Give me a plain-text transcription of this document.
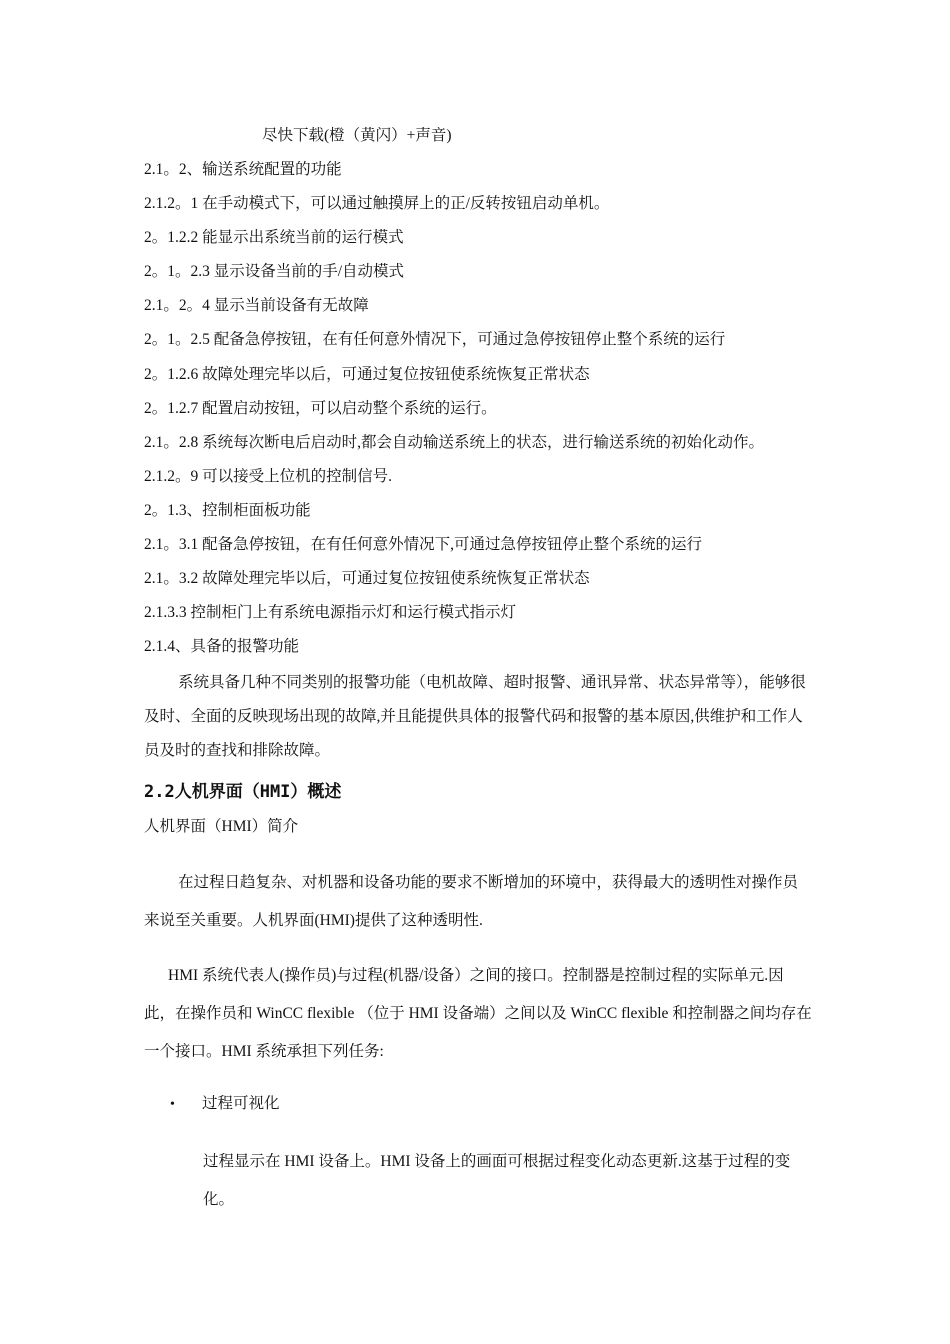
尽快下载(橙（黄闪）+声音)
2.1。2、输送系统配置的功能
2.1.2。1 在手动模式下，可以通过触摸屏上的正/反转按钮启动单机。
2。1.2.2 能显示出系统当前的运行模式
2。1。2.3 显示设备当前的手/自动模式
2.1。2。4 显示当前设备有无故障
2。1。2.5 配备急停按钮，在有任何意外情况下，可通过急停按钮停止整个系统的运行
2。1.2.6 故障处理完毕以后，可通过复位按钮使系统恢复正常状态
2。1.2.7 配置启动按钮，可以启动整个系统的运行。
2.1。2.8 系统每次断电后启动时,都会自动输送系统上的状态，进行输送系统的初始化动作。
2.1.2。9 可以接受上位机的控制信号.
2。1.3、控制柜面板功能
2.1。3.1 配备急停按钮，在有任何意外情况下,可通过急停按钮停止整个系统的运行
2.1。3.2 故障处理完毕以后，可通过复位按钮使系统恢复正常状态
2.1.3.3 控制柜门上有系统电源指示灯和运行模式指示灯
2.1.4、具备的报警功能
系统具备几种不同类别的报警功能（电机故障、超时报警、通讯异常、状态异常等），能够很及时、全面的反映现场出现的故障,并且能提供具体的报警代码和报警的基本原因,供维护和工作人员及时的查找和排除故障。
2.2人机界面（HMI）概述
人机界面（HMI）简介
在过程日趋复杂、对机器和设备功能的要求不断增加的环境中，获得最大的透明性对操作员来说至关重要。人机界面(HMI)提供了这种透明性.
HMI 系统代表人(操作员)与过程(机器/设备）之间的接口。控制器是控制过程的实际单元.因此，在操作员和 WinCC flexible （位于 HMI 设备端）之间以及 WinCC flexible 和控制器之间均存在一个接口。HMI 系统承担下列任务:
• 过程可视化
过程显示在 HMI 设备上。HMI 设备上的画面可根据过程变化动态更新.这基于过程的变化。
